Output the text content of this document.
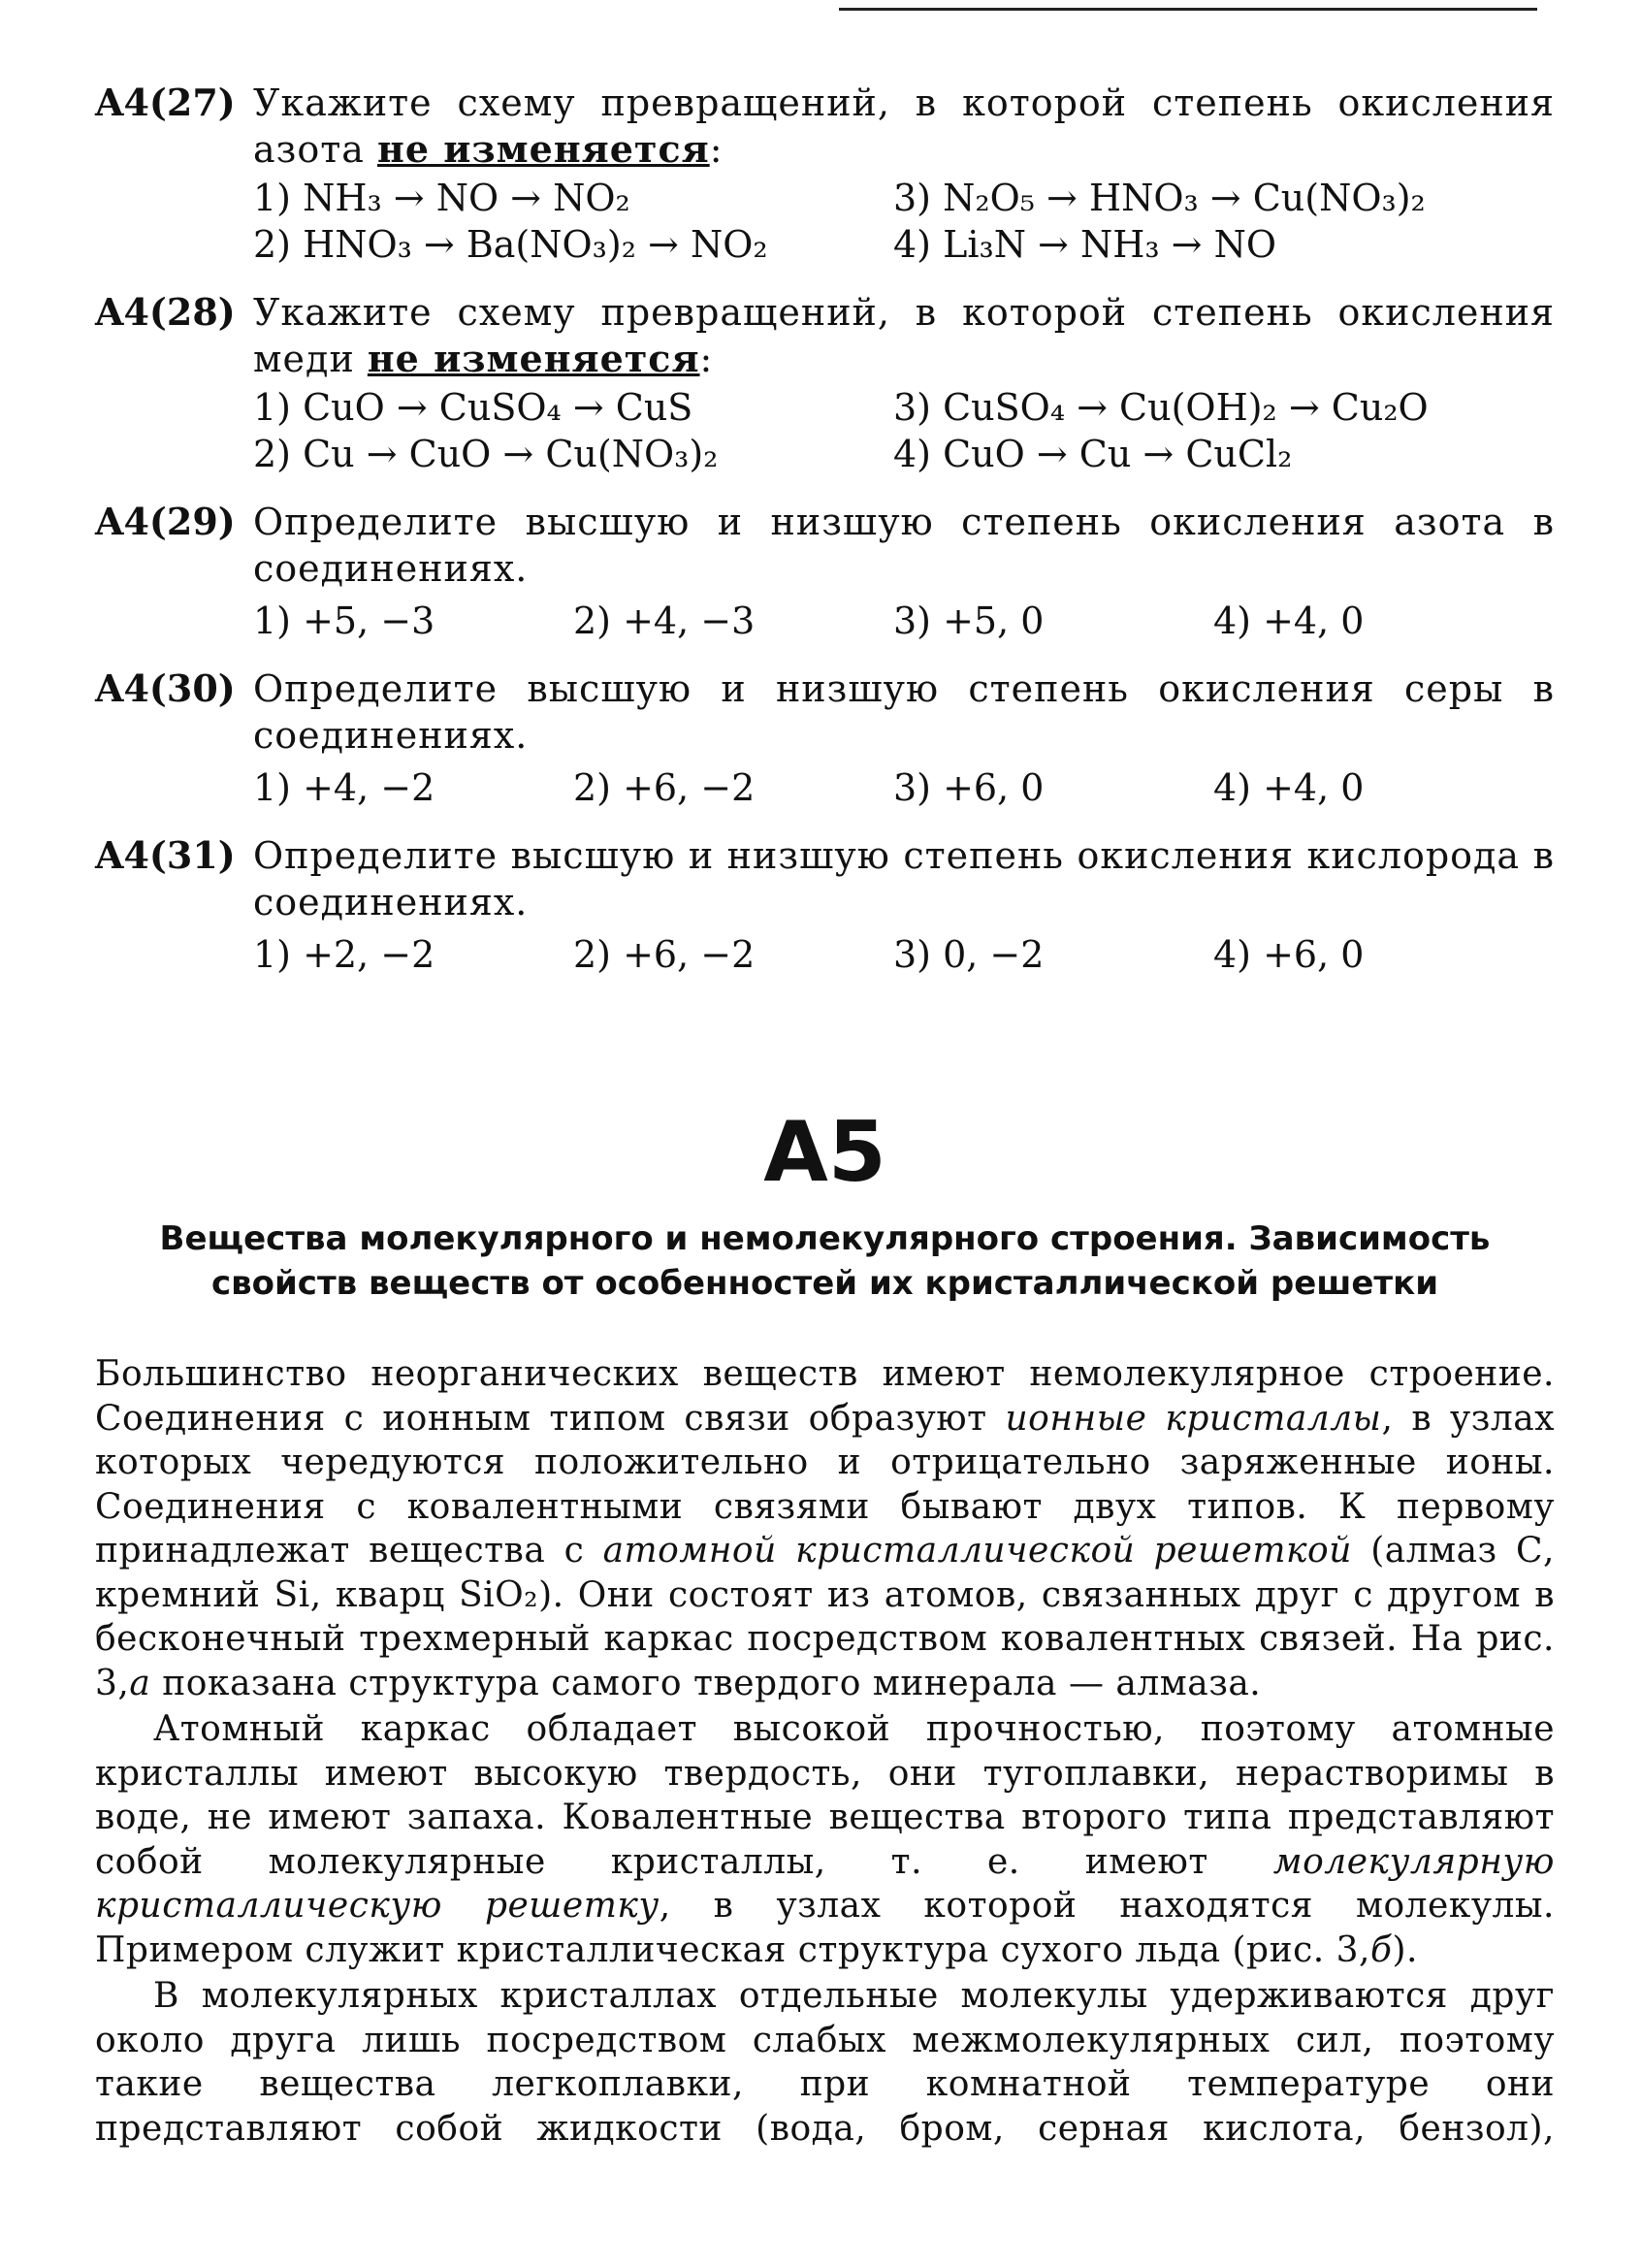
A4(27) Укажите схему превращений, в которой степень окисления азота не изменяется:
1) NH₃ → NO → NO₂	3) N₂O₅ → HNO₃ → Cu(NO₃)₂
2) HNO₃ → Ba(NO₃)₂ → NO₂	4) Li₃N → NH₃ → NO
A4(28) Укажите схему превращений, в которой степень окисления меди не изменяется:
1) CuO → CuSO₄ → CuS	3) CuSO₄ → Cu(OH)₂ → Cu₂O
2) Cu → CuO → Cu(NO₃)₂	4) CuO → Cu → CuCl₂
A4(29) Определите высшую и низшую степень окисления азота в соединениях.
1) +5, −3	2) +4, −3	3) +5, 0	4) +4, 0
A4(30) Определите высшую и низшую степень окисления серы в соединениях.
1) +4, −2	2) +6, −2	3) +6, 0	4) +4, 0
A4(31) Определите высшую и низшую степень окисления кислорода в соединениях.
1) +2, −2	2) +6, −2	3) 0, −2	4) +6, 0
A5
Вещества молекулярного и немолекулярного строения. Зависимость
свойств веществ от особенностей их кристаллической решетки
Большинство неорганических веществ имеют немолекулярное строение. Соединения с ионным типом связи образуют ионные кристаллы, в узлах которых чередуются положительно и отрицательно заряженные ионы. Соединения с ковалентными связями бывают двух типов. К первому принадлежат вещества с атомной кристаллической решеткой (алмаз С, кремний Si, кварц SiO₂). Они состоят из атомов, связанных друг с другом в бесконечный трехмерный каркас посредством ковалентных связей. На рис. 3,а показана структура самого твердого минерала — алмаза.
Атомный каркас обладает высокой прочностью, поэтому атомные кристаллы имеют высокую твердость, они тугоплавки, нерастворимы в воде, не имеют запаха. Ковалентные вещества второго типа представляют собой молекулярные кристаллы, т. е. имеют молекулярную кристаллическую решетку, в узлах которой находятся молекулы. Примером служит кристаллическая структура сухого льда (рис. 3,б).
В молекулярных кристаллах отдельные молекулы удерживаются друг около друга лишь посредством слабых межмолекулярных сил, поэтому такие вещества легкоплавки, при комнатной температуре они представляют собой жидкости (вода, бром, серная кислота, бензол),
